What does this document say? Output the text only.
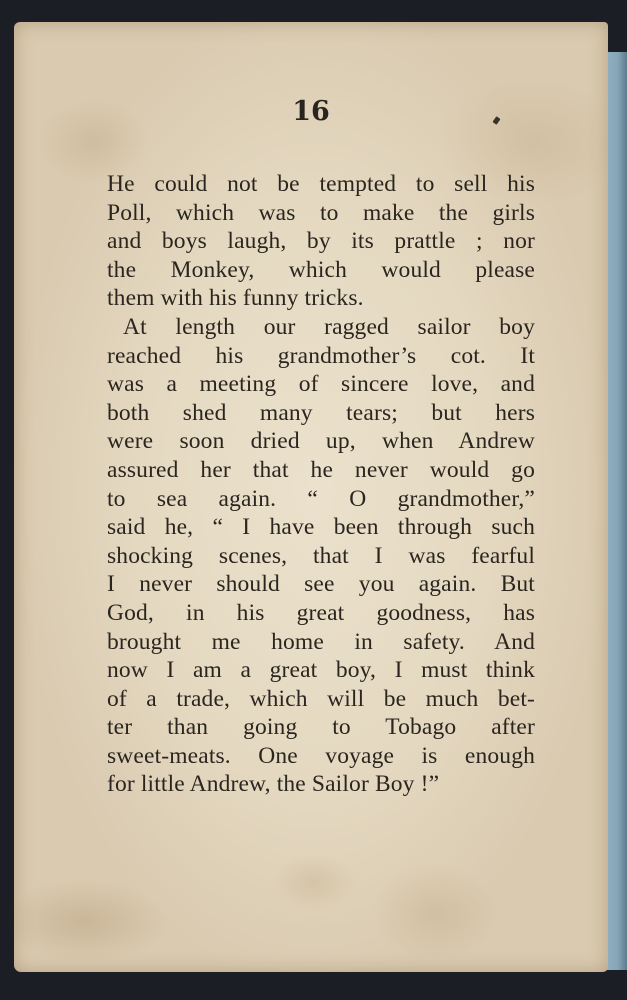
16

He could not be tempted to sell his
Poll, which was to make the girls
and boys laugh, by its prattle ; nor
the Monkey, which would please
them with his funny tricks.
At length our ragged sailor boy
reached his grandmother’s cot. It
was a meeting of sincere love, and
both shed many tears; but hers
were soon dried up, when Andrew
assured her that he never would go
to sea again. “ O grandmother,”
said he, “ I have been through such
shocking scenes, that I was fearful
I never should see you again. But
God, in his great goodness, has
brought me home in safety. And
now I am a great boy, I must think
of a trade, which will be much bet-
ter than going to Tobago after
sweet-meats. One voyage is enough
for little Andrew, the Sailor Boy !”
